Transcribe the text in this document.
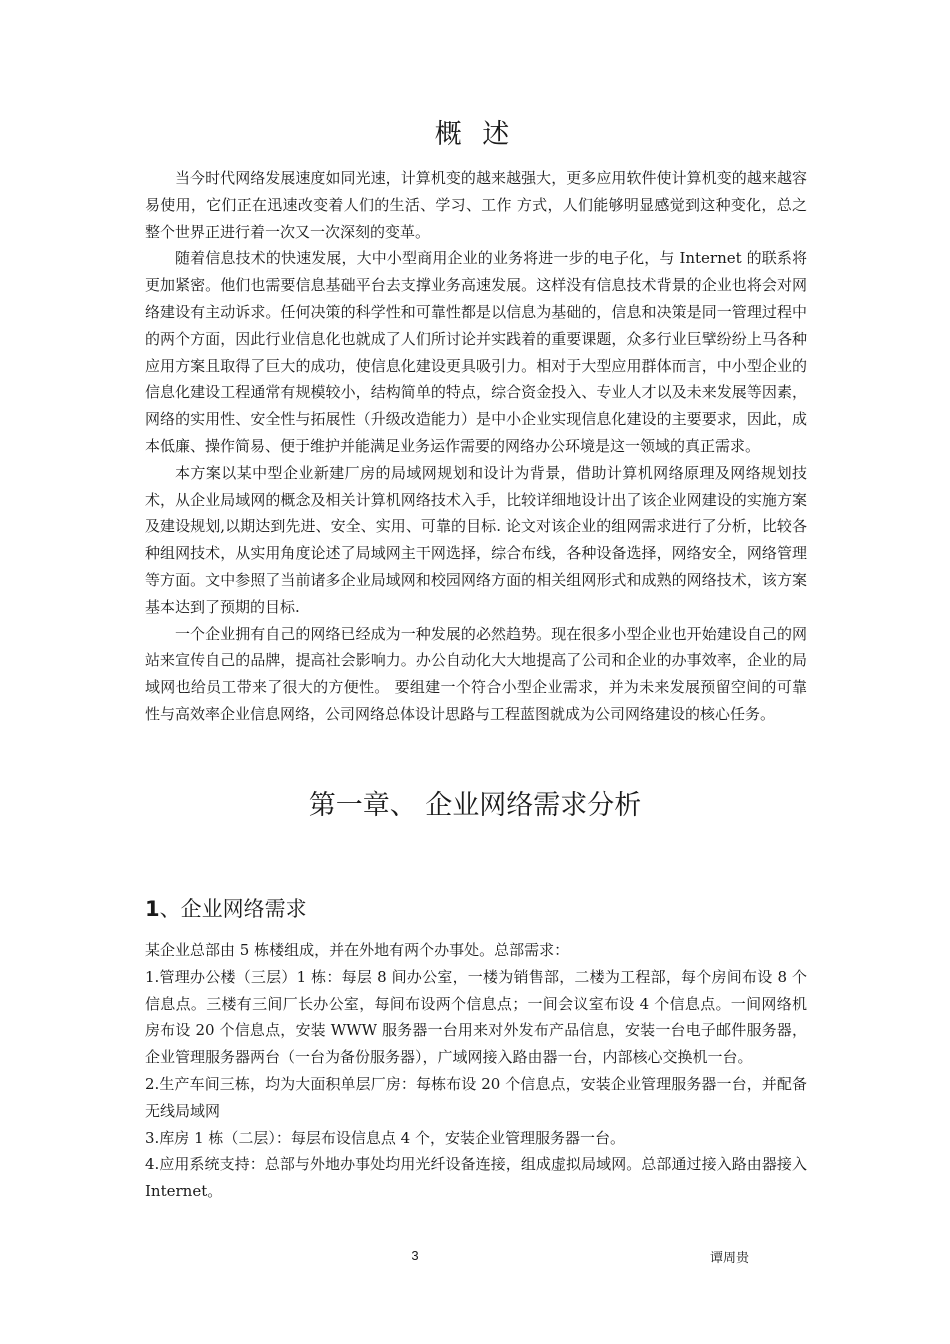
概 述

当今时代网络发展速度如同光速，计算机变的越来越强大，更多应用软件使计算机变的越来越容易使用，它们正在迅速改变着人们的生活、学习、工作 方式，人们能够明显感觉到这种变化，总之整个世界正进行着一次又一次深刻的变革。

随着信息技术的快速发展，大中小型商用企业的业务将进一步的电子化，与 Internet 的联系将更加紧密。他们也需要信息基础平台去支撑业务高速发展。这样没有信息技术背景的企业也将会对网络建设有主动诉求。任何决策的科学性和可靠性都是以信息为基础的，信息和决策是同一管理过程中的两个方面，因此行业信息化也就成了人们所讨论并实践着的重要课题，众多行业巨擘纷纷上马各种应用方案且取得了巨大的成功，使信息化建设更具吸引力。相对于大型应用群体而言，中小型企业的信息化建设工程通常有规模较小，结构简单的特点，综合资金投入、专业人才以及未来发展等因素，网络的实用性、安全性与拓展性（升级改造能力）是中小企业实现信息化建设的主要要求，因此，成本低廉、操作简易、便于维护并能满足业务运作需要的网络办公环境是这一领域的真正需求。

本方案以某中型企业新建厂房的局域网规划和设计为背景，借助计算机网络原理及网络规划技术，从企业局域网的概念及相关计算机网络技术入手，比较详细地设计出了该企业网建设的实施方案及建设规划,以期达到先进、安全、实用、可靠的目标. 论文对该企业的组网需求进行了分析，比较各种组网技术，从实用角度论述了局域网主干网选择，综合布线，各种设备选择，网络安全，网络管理等方面。文中参照了当前诸多企业局域网和校园网络方面的相关组网形式和成熟的网络技术，该方案基本达到了预期的目标.

一个企业拥有自己的网络已经成为一种发展的必然趋势。现在很多小型企业也开始建设自己的网站来宣传自己的品牌，提高社会影响力。办公自动化大大地提高了公司和企业的办事效率，企业的局域网也给员工带来了很大的方便性。 要组建一个符合小型企业需求，并为未来发展预留空间的可靠性与高效率企业信息网络，公司网络总体设计思路与工程蓝图就成为公司网络建设的核心任务。

第一章、 企业网络需求分析
1、企业网络需求

某企业总部由 5 栋楼组成，并在外地有两个办事处。总部需求：

1.管理办公楼（三层）1 栋：每层 8 间办公室，一楼为销售部，二楼为工程部，每个房间布设 8 个信息点。三楼有三间厂长办公室，每间布设两个信息点；一间会议室布设 4 个信息点。一间网络机房布设 20 个信息点，安装 WWW 服务器一台用来对外发布产品信息，安装一台电子邮件服务器，企业管理服务器两台（一台为备份服务器），广域网接入路由器一台，内部核心交换机一台。

2.生产车间三栋，均为大面积单层厂房：每栋布设 20 个信息点，安装企业管理服务器一台，并配备无线局域网

3.库房 1 栋（二层）：每层布设信息点 4 个，安装企业管理服务器一台。

4.应用系统支持：总部与外地办事处均用光纤设备连接，组成虚拟局域网。总部通过接入路由器接入 Internet。

3	谭周贵
